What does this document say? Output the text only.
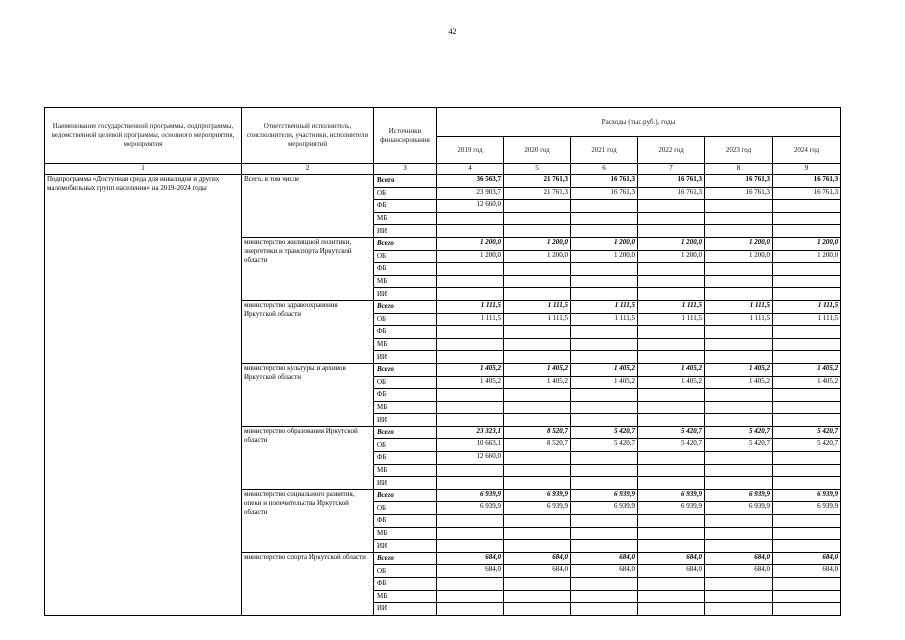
42
Наименование государственной программы, подпрограммы, ведомственной целевой программы, основного мероприятия, мероприятия	Ответственный исполнитель, соисполнители, участники, исполнители мероприятий	Источники финансирования	Расходы (тыс.руб.), годы					
			2019 год	2020 год	2021 год	2022 год	2023 год	2024 год
1	2	3	4	5	6	7	8	9
Подпрограмма «Доступная среда для инвалидов и других маломобильных групп населения» на 2019-2024 годы	Всего, в том числе	Всего	36 563,7	21 761,3	16 761,3	16 761,3	16 761,3	16 761,3
		ОБ	23 903,7	21 761,3	16 761,3	16 761,3	16 761,3	16 761,3
		ФБ	12 660,0					
		МБ						
		ИИ						
	министерство жилищной политики, энергетики и транспорта Иркутской области	Всего	1 200,0	1 200,0	1 200,0	1 200,0	1 200,0	1 200,0
		ОБ	1 200,0	1 200,0	1 200,0	1 200,0	1 200,0	1 200,0
		ФБ						
		МБ						
		ИИ						
	министерство здравоохранения Иркутской области	Всего	1 111,5	1 111,5	1 111,5	1 111,5	1 111,5	1 111,5
		ОБ	1 111,5	1 111,5	1 111,5	1 111,5	1 111,5	1 111,5
		ФБ						
		МБ						
		ИИ						
	министерство культуры и архивов Иркутской области	Всего	1 405,2	1 405,2	1 405,2	1 405,2	1 405,2	1 405,2
		ОБ	1 405,2	1 405,2	1 405,2	1 405,2	1 405,2	1 405,2
		ФБ						
		МБ						
		ИИ						
	министерство образования Иркутской области	Всего	23 323,1	8 520,7	5 420,7	5 420,7	5 420,7	5 420,7
		ОБ	10 663,1	8 520,7	5 420,7	5 420,7	5 420,7	5 420,7
		ФБ	12 660,0					
		МБ						
		ИИ						
	министерство социального развития, опеки и попечительства Иркутской области	Всего	6 939,9	6 939,9	6 939,9	6 939,9	6 939,9	6 939,9
		ОБ	6 939,9	6 939,9	6 939,9	6 939,9	6 939,9	6 939,9
		ФБ						
		МБ						
		ИИ						
	министерство спорта Иркутской области	Всего	684,0	684,0	684,0	684,0	684,0	684,0
		ОБ	684,0	684,0	684,0	684,0	684,0	684,0
		ФБ						
		МБ						
		ИИ						
